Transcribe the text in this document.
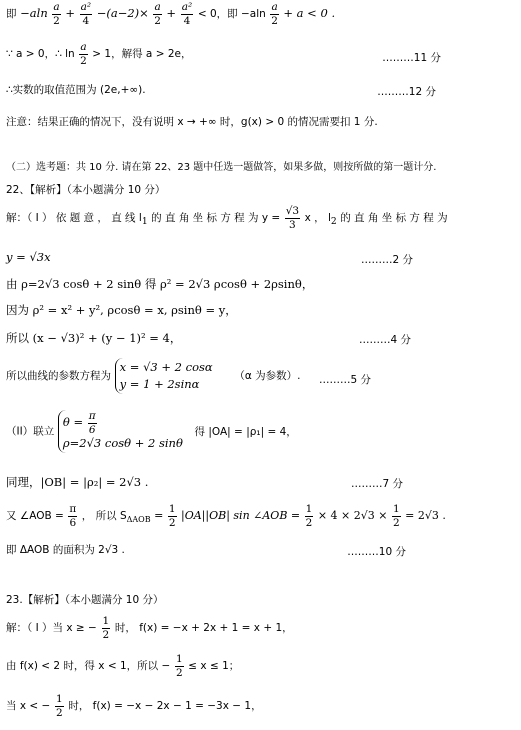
即 $-aln \frac{a}{2} + \frac{\text{a²}}{4} -(a-2)\times \frac{a}{2} + \frac{\text{a²}}{4} < 0$，即 $-aln \frac{a}{2} + a < 0$ .
∵ a > 0，∴ $\ln \frac{a}{2} > 1$，解得 a > 2e，	………11 分
∴实数的取值范围为 (2e,+∞).	………12 分
注意：结果正确的情况下，没有说明 x → +∞ 时，g(x) > 0 的情况需要扣 1 分.
（二）选考题：共 10 分. 请在第 22、23 题中任选一题做答，如果多做，则按所做的第一题计分.
22、【解析】（本小题满分 10 分）
解：（ I ） 依 题 意 ， 直 线 $l_1$ 的 直 角 坐 标 方 程 为 $y = \frac{√3}{3}$ x ， $l_2$ 的 直 角 坐 标 方 程 为
y = √3x	………2 分
由 ρ=2√3 cosθ + 2 sinθ 得 ρ² = 2√3 ρcosθ + 2ρsinθ，
因为 ρ² = x² + y², ρcosθ = x, ρsinθ = y，
所以 (x − √3)² + (y − 1)² = 4，	………4 分
所以曲线的参数方程为
x = √3 + 2 cosα
y = 1 + 2sinα
（α 为参数）. ………5 分
（II）联立
$\theta = \frac{\pi}{6}$
ρ=2√3 cosθ + 2 sinθ
得 |OA| = |ρ₁| = 4，
同理，|OB| = |ρ₂| = 2√3 .	………7 分
又 ∠AOB = $\frac{\pi}{6}$ ， 所以 $S_{\Delta AOB} = \frac{1}{2} |OA||OB|$ sin ∠AOB = $\frac{1}{2} \times 4 \times 2√3 \times \frac{1}{2} = 2√3$ .
即 ΔAOB 的面积为 2√3 .	………10 分
23.【解析】（本小题满分 10 分）
解：（ I ）当 x ≥ − $\frac{1}{2}$ 时， f(x) = −x + 2x + 1 = x + 1，
由 f(x) < 2 时，得 x < 1，所以 − $\frac{1}{2} \le x \le 1$；
当 x < − $\frac{1}{2}$ 时， f(x) = −x − 2x − 1 = −3x − 1，
